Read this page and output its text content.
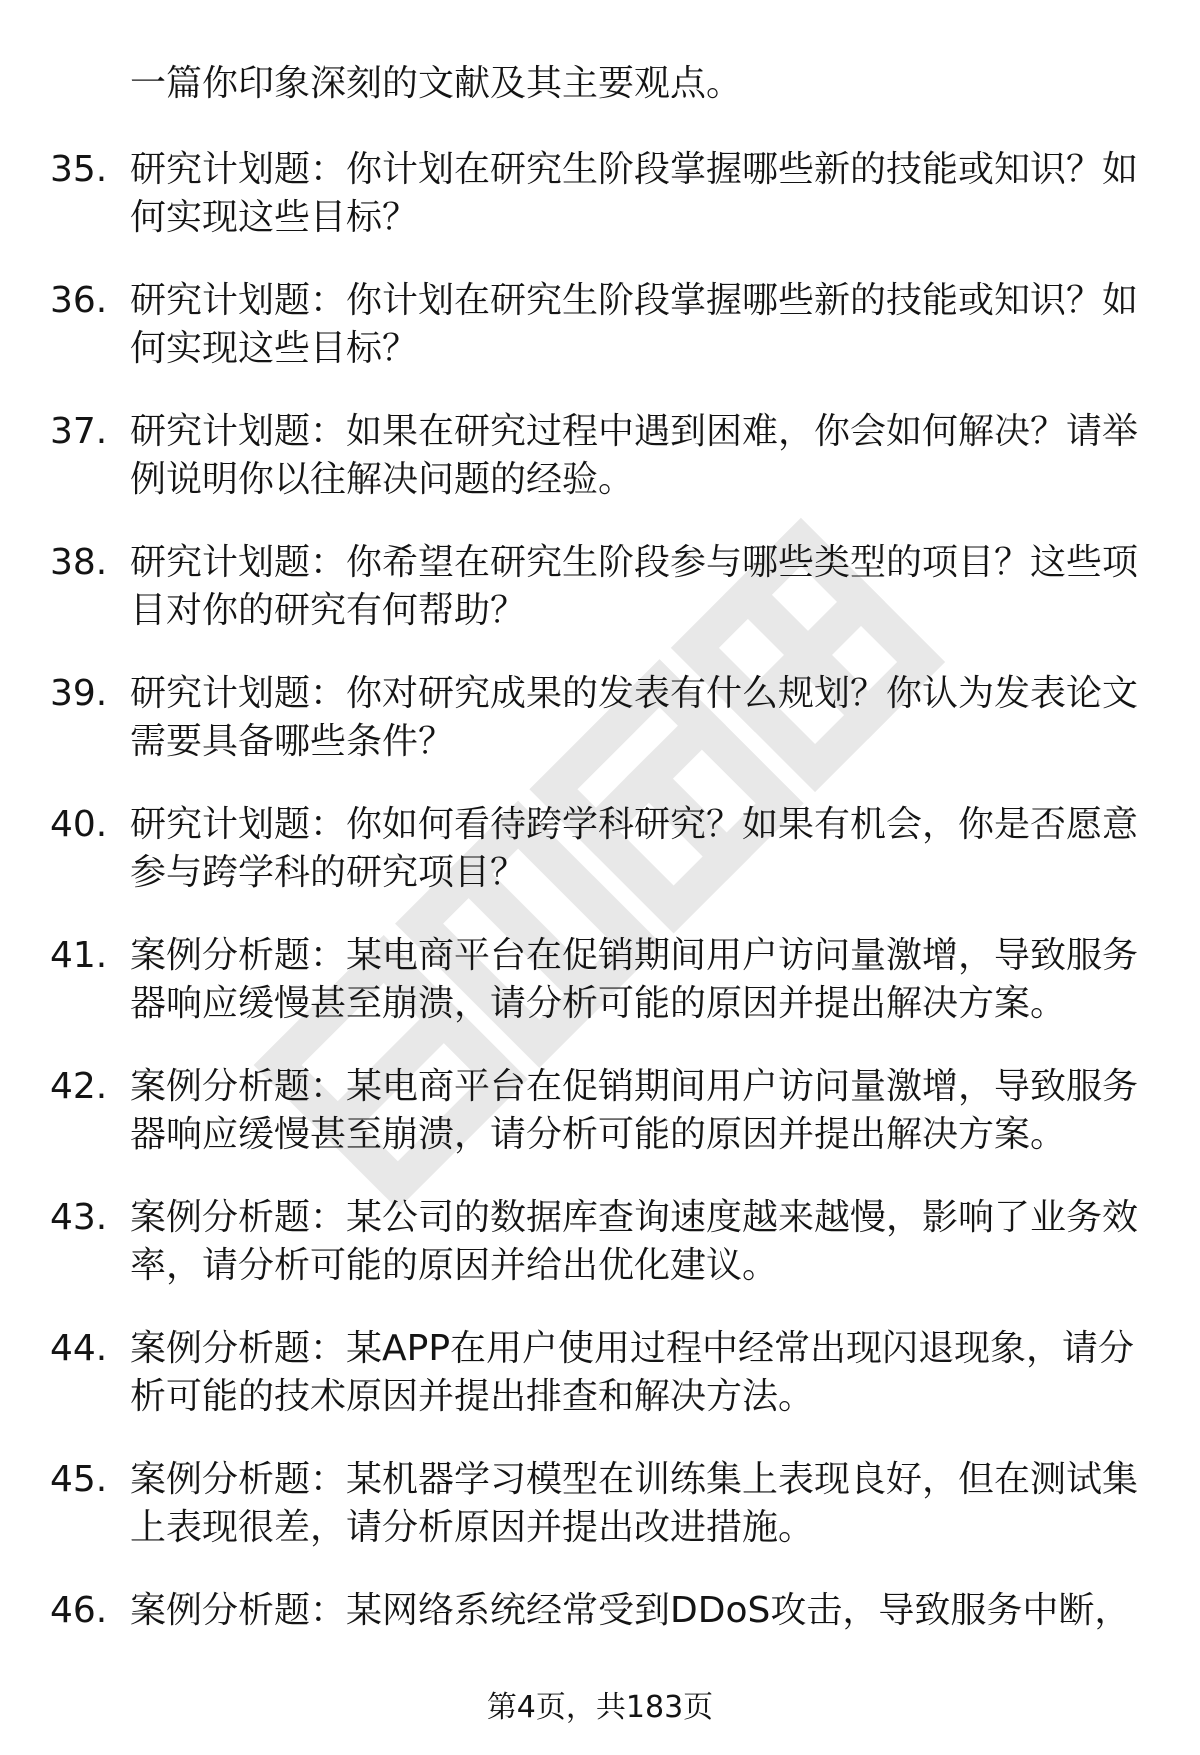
一篇你印象深刻的文献及其主要观点。
35. 研究计划题：你计划在研究生阶段掌握哪些新的技能或知识？如何实现这些目标？
36. 研究计划题：你计划在研究生阶段掌握哪些新的技能或知识？如何实现这些目标？
37. 研究计划题：如果在研究过程中遇到困难，你会如何解决？请举例说明你以往解决问题的经验。
38. 研究计划题：你希望在研究生阶段参与哪些类型的项目？这些项目对你的研究有何帮助？
39. 研究计划题：你对研究成果的发表有什么规划？你认为发表论文需要具备哪些条件？
40. 研究计划题：你如何看待跨学科研究？如果有机会，你是否愿意参与跨学科的研究项目？
41. 案例分析题：某电商平台在促销期间用户访问量激增，导致服务器响应缓慢甚至崩溃，请分析可能的原因并提出解决方案。
42. 案例分析题：某电商平台在促销期间用户访问量激增，导致服务器响应缓慢甚至崩溃，请分析可能的原因并提出解决方案。
43. 案例分析题：某公司的数据库查询速度越来越慢，影响了业务效率，请分析可能的原因并给出优化建议。
44. 案例分析题：某APP在用户使用过程中经常出现闪退现象，请分析可能的技术原因并提出排查和解决方法。
45. 案例分析题：某机器学习模型在训练集上表现良好，但在测试集上表现很差，请分析原因并提出改进措施。
46. 案例分析题：某网络系统经常受到DDoS攻击，导致服务中断，
第4页，共183页
